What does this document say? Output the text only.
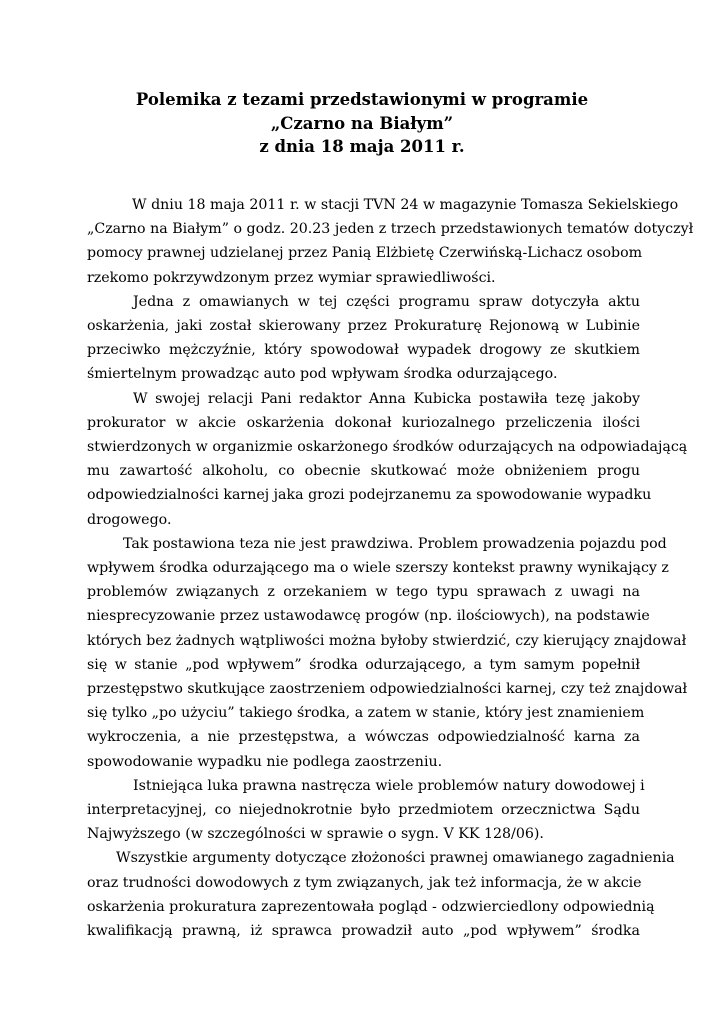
Polemika z tezami przedstawionymi w programie
„Czarno na Białym”
z dnia 18 maja 2011 r.
W dniu 18 maja 2011 r. w stacji TVN 24 w magazynie Tomasza Sekielskiego
„Czarno na Białym” o godz. 20.23 jeden z trzech przedstawionych tematów dotyczył
pomocy prawnej udzielanej przez Panią Elżbietę Czerwińską-Lichacz osobom
rzekomo pokrzywdzonym przez wymiar sprawiedliwości.
Jedna z omawianych w tej części programu spraw dotyczyła aktu
oskarżenia, jaki został skierowany przez Prokuraturę Rejonową w Lubinie
przeciwko mężczyźnie, który spowodował wypadek drogowy ze skutkiem
śmiertelnym prowadząc auto pod wpływam środka odurzającego.
W swojej relacji Pani redaktor Anna Kubicka postawiła tezę jakoby
prokurator w akcie oskarżenia dokonał kuriozalnego przeliczenia ilości
stwierdzonych w organizmie oskarżonego środków odurzających na odpowiadającą
mu zawartość alkoholu, co obecnie skutkować może obniżeniem progu
odpowiedzialności karnej jaka grozi podejrzanemu za spowodowanie wypadku
drogowego.
Tak postawiona teza nie jest prawdziwa. Problem prowadzenia pojazdu pod
wpływem środka odurzającego ma o wiele szerszy kontekst prawny wynikający z
problemów związanych z orzekaniem w tego typu sprawach z uwagi na
niesprecyzowanie przez ustawodawcę progów (np. ilościowych), na podstawie
których bez żadnych wątpliwości można byłoby stwierdzić, czy kierujący znajdował
się w stanie „pod wpływem” środka odurzającego, a tym samym popełnił
przestępstwo skutkujące zaostrzeniem odpowiedzialności karnej, czy też znajdował
się tylko „po użyciu” takiego środka, a zatem w stanie, który jest znamieniem
wykroczenia, a nie przestępstwa, a wówczas odpowiedzialność karna za
spowodowanie wypadku nie podlega zaostrzeniu.
Istniejąca luka prawna nastręcza wiele problemów natury dowodowej i
interpretacyjnej, co niejednokrotnie było przedmiotem orzecznictwa Sądu
Najwyższego (w szczególności w sprawie o sygn. V KK 128/06).
Wszystkie argumenty dotyczące złożoności prawnej omawianego zagadnienia
oraz trudności dowodowych z tym związanych, jak też informacja, że w akcie
oskarżenia prokuratura zaprezentowała pogląd - odzwierciedlony odpowiednią
kwalifikacją prawną, iż sprawca prowadził auto „pod wpływem” środka
